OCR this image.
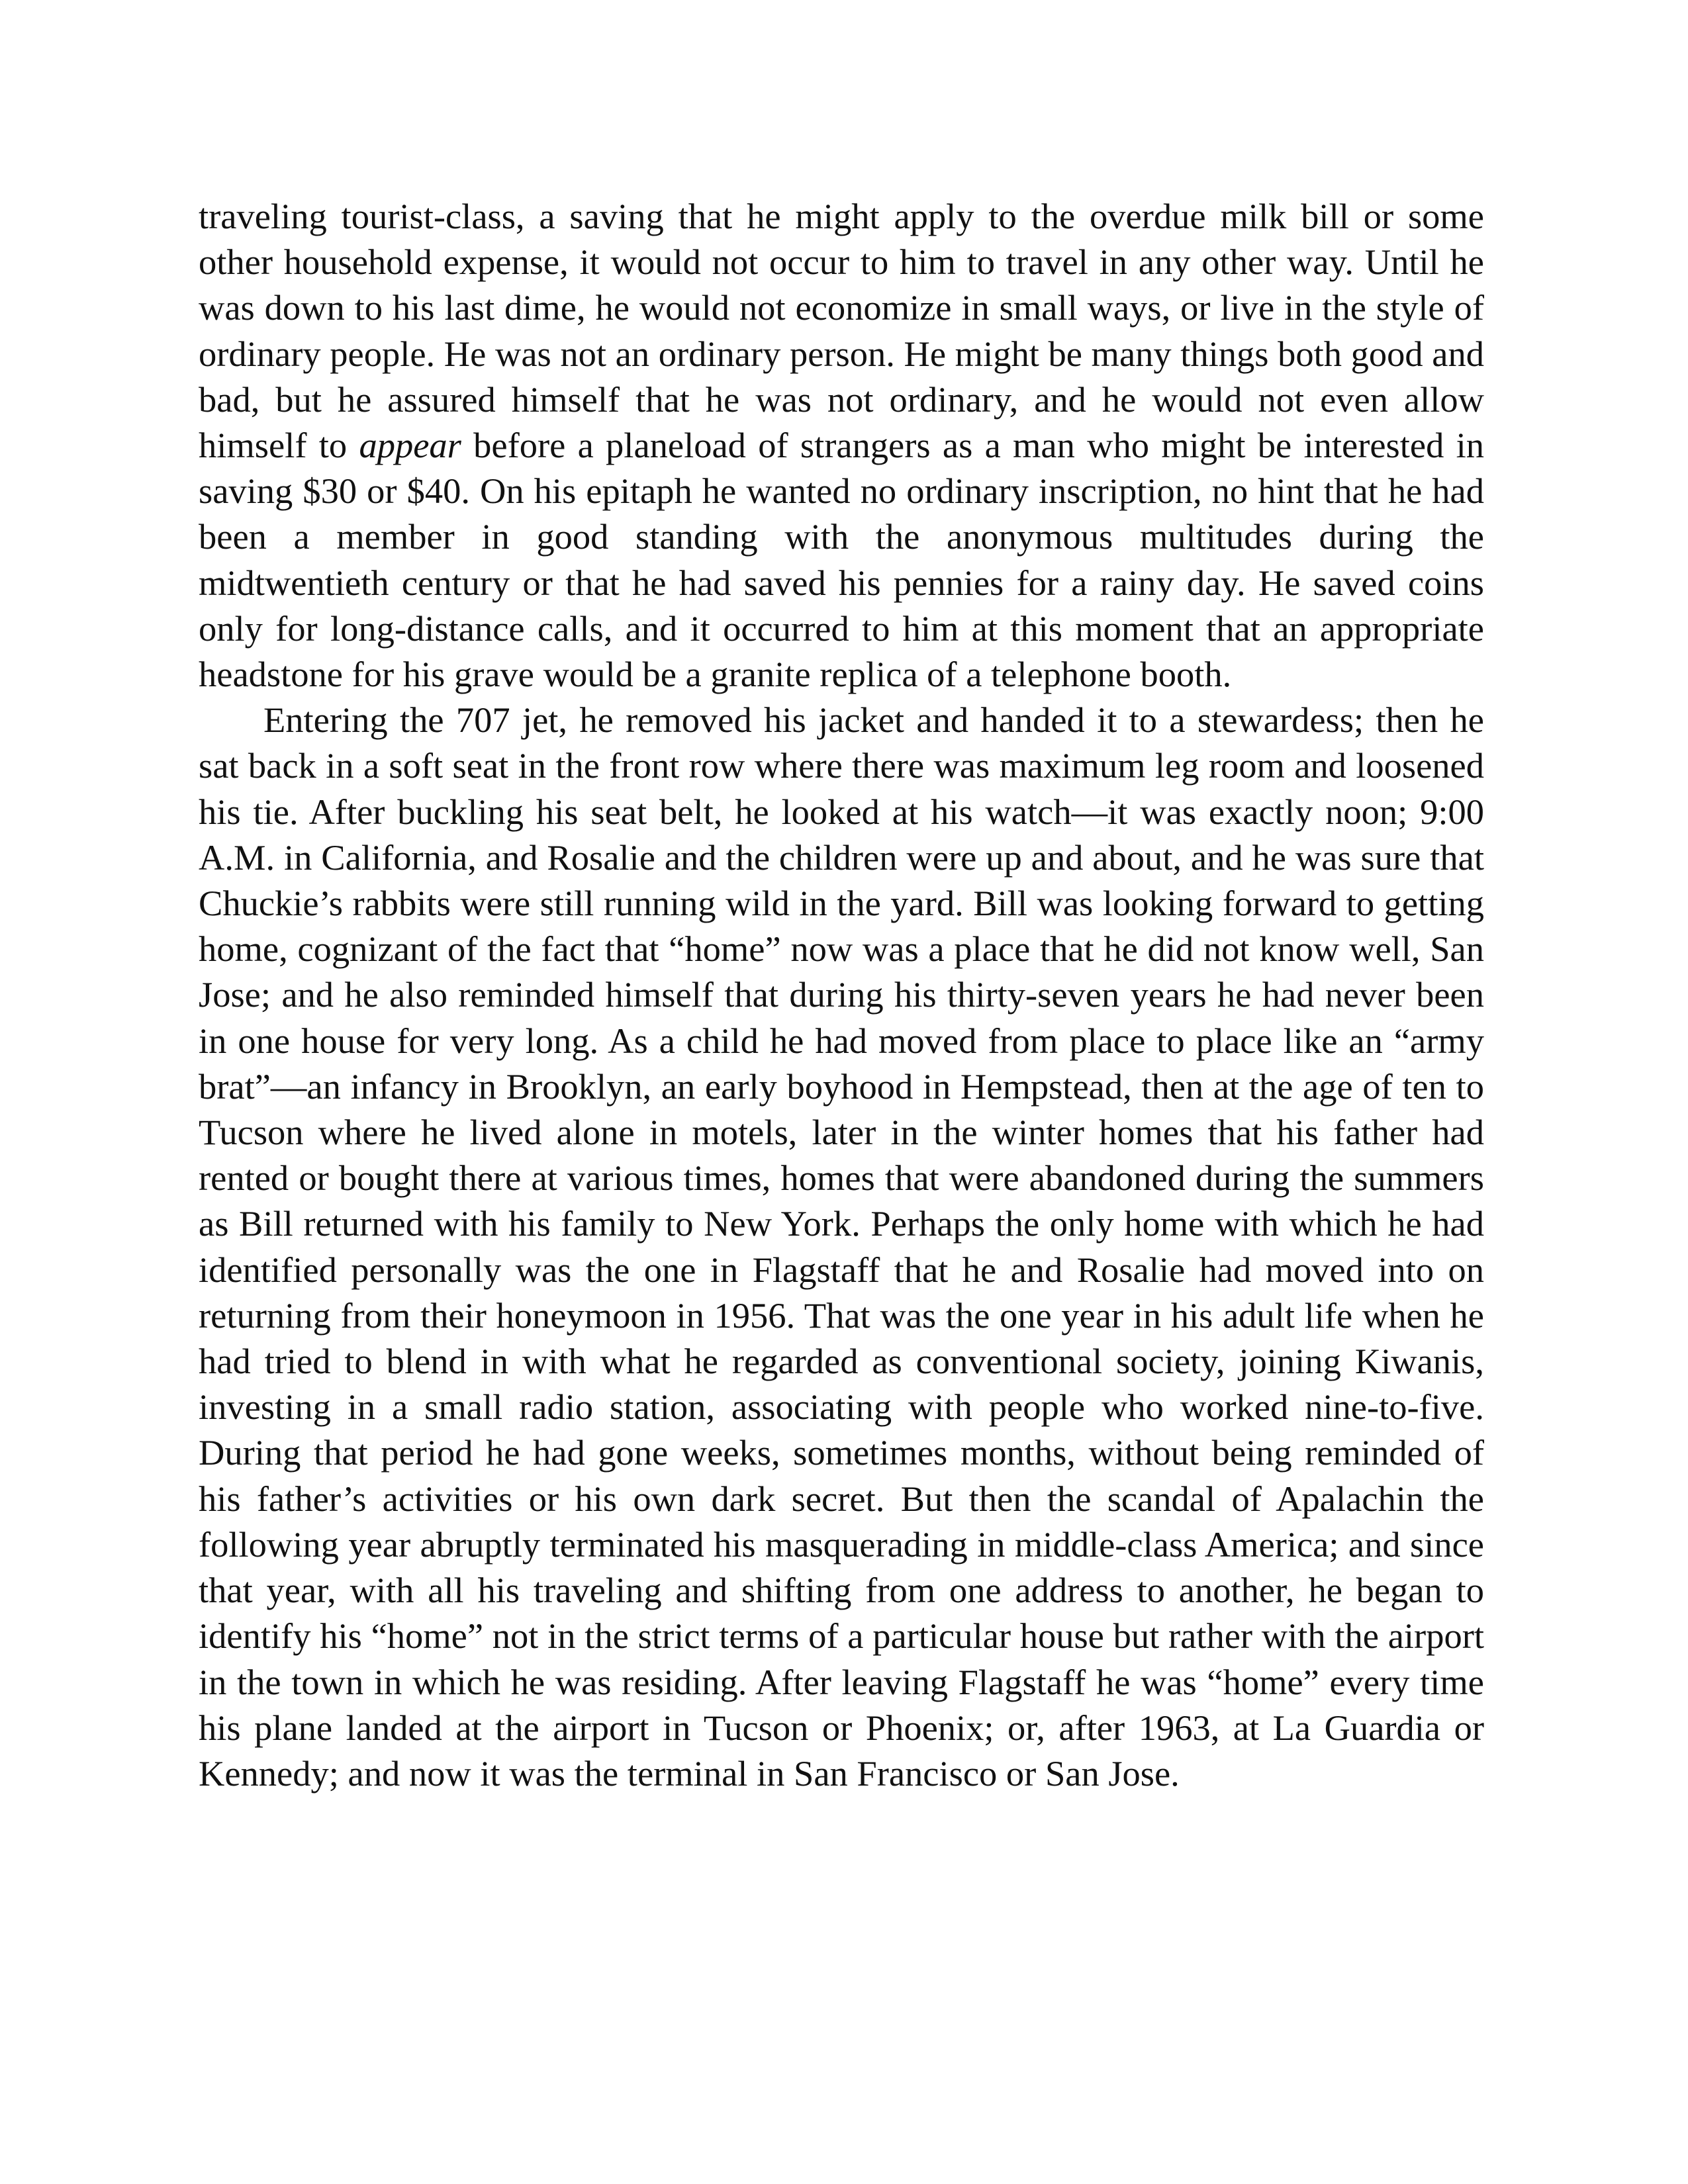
traveling tourist-class, a saving that he might apply to the overdue milk bill or some other household expense, it would not occur to him to travel in any other way. Until he was down to his last dime, he would not economize in small ways, or live in the style of ordinary people. He was not an ordinary person. He might be many things both good and bad, but he assured himself that he was not ordinary, and he would not even allow himself to appear before a planeload of strangers as a man who might be interested in saving $30 or $40. On his epitaph he wanted no ordinary inscription, no hint that he had been a member in good standing with the anonymous multitudes during the midtwentieth century or that he had saved his pennies for a rainy day. He saved coins only for long-distance calls, and it occurred to him at this moment that an appropriate headstone for his grave would be a granite replica of a telephone booth.

Entering the 707 jet, he removed his jacket and handed it to a stewardess; then he sat back in a soft seat in the front row where there was maximum leg room and loosened his tie. After buckling his seat belt, he looked at his watch—it was exactly noon; 9:00 A.M. in California, and Rosalie and the children were up and about, and he was sure that Chuckie’s rabbits were still running wild in the yard. Bill was looking forward to getting home, cognizant of the fact that “home” now was a place that he did not know well, San Jose; and he also reminded himself that during his thirty-seven years he had never been in one house for very long. As a child he had moved from place to place like an “army brat”—an infancy in Brooklyn, an early boyhood in Hempstead, then at the age of ten to Tucson where he lived alone in motels, later in the winter homes that his father had rented or bought there at various times, homes that were abandoned during the summers as Bill returned with his family to New York. Perhaps the only home with which he had identified personally was the one in Flagstaff that he and Rosalie had moved into on returning from their honeymoon in 1956. That was the one year in his adult life when he had tried to blend in with what he regarded as conventional society, joining Kiwanis, investing in a small radio station, associating with people who worked nine-to-five. During that period he had gone weeks, sometimes months, without being reminded of his father’s activities or his own dark secret. But then the scandal of Apalachin the following year abruptly terminated his masquerading in middle-class America; and since that year, with all his traveling and shifting from one address to another, he began to identify his “home” not in the strict terms of a particular house but rather with the airport in the town in which he was residing. After leaving Flagstaff he was “home” every time his plane landed at the airport in Tucson or Phoenix; or, after 1963, at La Guardia or Kennedy; and now it was the terminal in San Francisco or San Jose.
